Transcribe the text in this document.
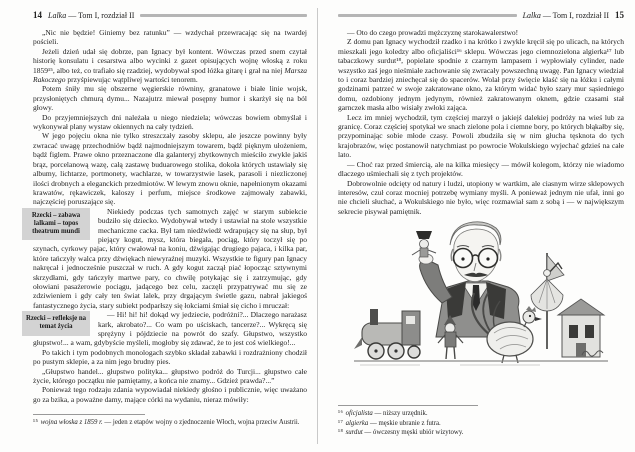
14 Lalka — Tom I, rozdział II

„Nic nie będzie! Giniemy bez ratunku” — wzdychał przewracając się na twardej pościeli.

Jeżeli dzień udał się dobrze, pan Ignacy był kontent. Wówczas przed snem czytał historię konsulatu i cesarstwa albo wycinki z gazet opisujących wojnę włoską z roku 1859¹⁵, albo też, co trafiało się rzadziej, wydobywał spod łóżka gitarę i grał na niej Marsza Rakoczego przyśpiewując wątpliwej wartości tenorem.

Potem śniły mu się obszerne węgierskie równiny, granatowe i białe linie wojsk, przysłoniętych chmurą dymu... Nazajutrz miewał posępny humor i skarżył się na ból głowy.

Do przyjemniejszych dni należała u niego niedziela; wówczas bowiem obmyślał i wykonywał plany wystaw okiennych na cały tydzień.

W jego pojęciu okna nie tylko streszczały zasoby sklepu, ale jeszcze powinny były zwracać uwagę przechodniów bądź najmodniejszym towarem, bądź pięknym ułożeniem, bądź figlem. Prawe okno przeznaczone dla galanteryj zbytkownych mieściło zwykle jakiś brąz, porcelanową wazę, całą zastawę buduarowego stolika, dokoła których ustawiały się albumy, lichtarze, portmonety, wachlarze, w towarzystwie lasek, parasoli i niezliczonej ilości drobnych a eleganckich przedmiotów. W lewym znowu oknie, napełnionym okazami krawatów, rękawiczek, kaloszy i perfum, miejsce środkowe zajmowały zabawki, najczęściej poruszające się.

Rzecki – zabawa lalkami – topos theatrum mundi
Niekiedy podczas tych samotnych zajęć w starym subiekcie budziło się dziecko. Wydobywał wtedy i ustawiał na stole wszystkie mechaniczne cacka. Był tam niedźwiedź wdrapujący się na słup, był piejący kogut, mysz, która biegała, pociąg, który toczył się po szynach, cyrkowy pajac, który cwałował na koniu, dźwigając drugiego pajaca, i kilka par, które tańczyły walca przy dźwiękach niewyraźnej muzyki. Wszystkie te figury pan Ignacy nakręcał i jednocześnie puszczał w ruch. A gdy kogut zaczął piać łopocząc sztywnymi skrzydłami, gdy tańczyły martwe pary, co chwilę potykając się i zatrzymując, gdy ołowiani pasażerowie pociągu, jadącego bez celu, zaczęli przypatrywać mu się ze zdziwieniem i gdy cały ten świat lalek, przy drgającym świetle gazu, nabrał jakiegoś fantastycznego życia, stary subiekt podparłszy się łokciami śmiał się cicho i mruczał:

Rzecki – refleksje na temat życia
— Hi! hi! hi! dokąd wy jedziecie, podróżni?... Dlaczego narażasz kark, akrobato?... Co wam po uściskach, tancerze?... Wykręcą się sprężyny i pójdziecie na powrót do szafy. Głupstwo, wszystko głupstwo!... a wam, gdybyście myśleli, mogłoby się zdawać, że to jest coś wielkiego!...

Po takich i tym podobnych monologach szybko składał zabawki i rozdrażniony chodził po pustym sklepie, a za nim jego brudny pies.

„Głupstwo handel... głupstwo polityka... głupstwo podróż do Turcji... głupstwo całe życie, którego początku nie pamiętamy, a końca nie znamy... Gdzież prawda?...”

Ponieważ tego rodzaju zdania wypowiadał niekiedy głośno i publicznie, więc uważano go za bzika, a poważne damy, mające córki na wydaniu, nieraz mówiły:

¹⁵ wojna włoska z 1859 r. — jeden z etapów wojny o zjednoczenie Włoch, wojna przeciw Austrii.

Lalka — Tom I, rozdział II 15

— Oto do czego prowadzi mężczyznę starokawalerstwo!

Z domu pan Ignacy wychodził rzadko i na krótko i zwykle kręcił się po ulicach, na których mieszkali jego koledzy albo oficjaliści¹⁶ sklepu. Wówczas jego ciemnozielona algierka¹⁷ lub tabaczkowy surdut¹⁸, popielate spodnie z czarnym lampasem i wypłowiały cylinder, nade wszystko zaś jego nieśmiałe zachowanie się zwracały powszechną uwagę. Pan Ignacy wiedział to i coraz bardziej zniechęcał się do spacerów. Wolał przy święcie kłaść się na łóżku i całymi godzinami patrzeć w swoje zakratowane okno, za którym widać było szary mur sąsiedniego domu, ozdobiony jednym jedynym, również zakratowanym oknem, gdzie czasami stał garnczek masła albo wisiały zwłoki zająca.

Lecz im mniej wychodził, tym częściej marzył o jakiejś dalekiej podróży na wieś lub za granicę. Coraz częściej spotykał we snach zielone pola i ciemne bory, po których błąkałby się, przypominając sobie młode czasy. Powoli zbudziła się w nim głucha tęsknota do tych krajobrazów, więc postanowił natychmiast po powrocie Wokulskiego wyjechać gdzieś na całe lato.

— Choć raz przed śmiercią, ale na kilka miesięcy — mówił kolegom, którzy nie wiadomo dlaczego uśmiechali się z tych projektów.

Dobrowolnie odcięty od natury i ludzi, utopiony w wartkim, ale ciasnym wirze sklepowych interesów, czuł coraz mocniej potrzebę wymiany myśli. A ponieważ jednym nie ufał, inni go nie chcieli słuchać, a Wokulskiego nie było, więc rozmawiał sam z sobą i — w największym sekrecie pisywał pamiętnik.

¹⁶ oficjalista — niższy urzędnik.

¹⁷ algierka — męskie ubranie z futra.

¹⁸ surdut — ówczesny męski ubiór wizytowy.
